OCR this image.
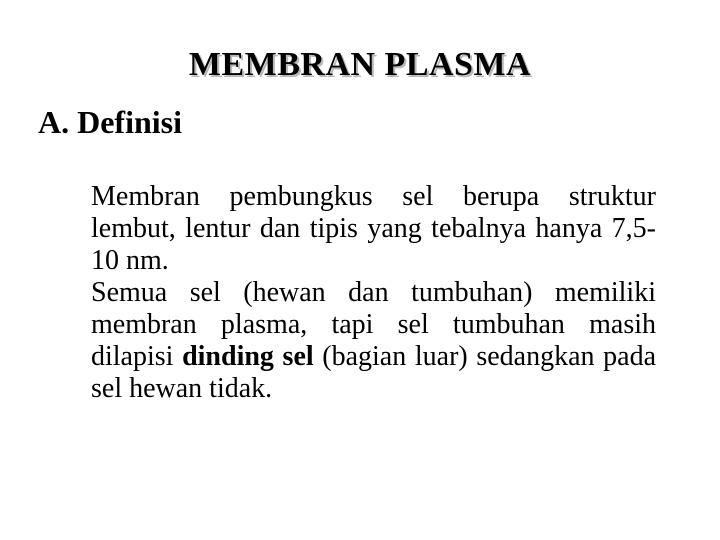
MEMBRAN PLASMA
A. Definisi

Membran pembungkus sel berupa struktur lembut, lentur dan tipis yang tebalnya hanya 7,5-10 nm.

Semua sel (hewan dan tumbuhan) memiliki membran plasma, tapi sel tumbuhan masih dilapisi dinding sel (bagian luar) sedangkan pada sel hewan tidak.
